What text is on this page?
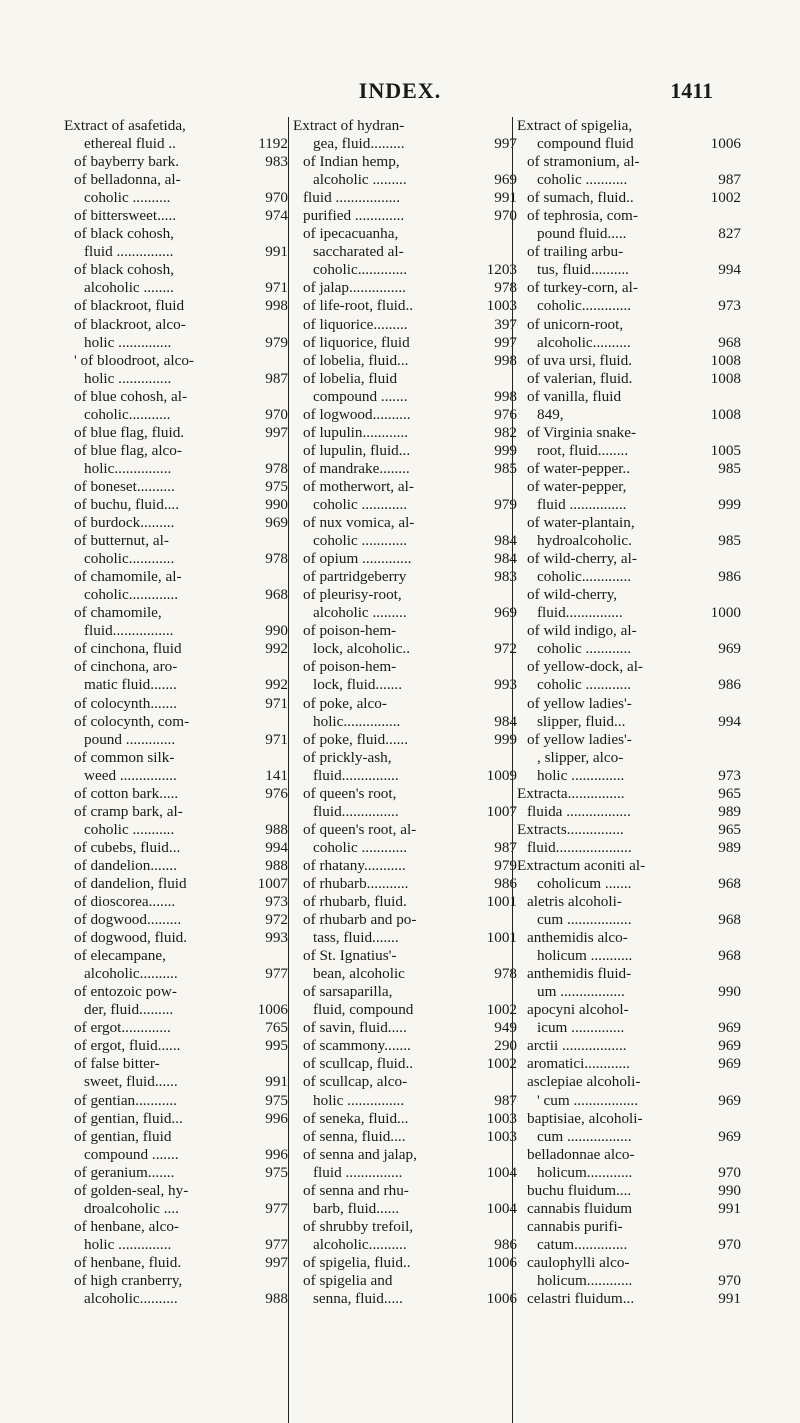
INDEX.	1411
Extract of asafetida,
ethereal fluid ..	1192
of bayberry bark.	983
of belladonna, al-
coholic ..........	970
of bittersweet.....	974
of black cohosh,
fluid ...............	991
of black cohosh,
alcoholic ........	971
of blackroot, fluid	998
of blackroot, alco-
holic ..............	979
' of bloodroot, alco-
holic ..............	987
of blue cohosh, al-
coholic...........	970
of blue flag, fluid.	997
of blue flag, alco-
holic...............	978
of boneset..........	975
of buchu, fluid....	990
of burdock.........	969
of butternut, al-
coholic............	978
of chamomile, al-
coholic.............	968
of chamomile,
fluid................	990
of cinchona, fluid	992
of cinchona, aro-
matic fluid.......	992
of colocynth.......	971
of colocynth, com-
pound .............	971
of common silk-
weed ...............	141
of cotton bark.....	976
of cramp bark, al-
coholic ...........	988
of cubebs, fluid...	994
of dandelion.......	988
of dandelion, fluid	1007
of dioscorea.......	973
of dogwood.........	972
of dogwood, fluid.	993
of elecampane,
alcoholic..........	977
of entozoic pow-
der, fluid.........	1006
of ergot.............	765
of ergot, fluid......	995
of false bitter-
sweet, fluid......	991
of gentian...........	975
of gentian, fluid...	996
of gentian, fluid
compound .......	996
of geranium.......	975
of golden-seal, hy-
droalcoholic ....	977
of henbane, alco-
holic ..............	977
of henbane, fluid.	997
of high cranberry,
alcoholic..........	988
Extract of hydran-
gea, fluid.........	997
of Indian hemp,
alcoholic .........	969
fluid .................	991
purified .............	970
of ipecacuanha,
saccharated al-
coholic.............	1203
of jalap...............	978
of life-root, fluid..	1003
of liquorice.........	397
of liquorice, fluid	997
of lobelia, fluid...	998
of lobelia, fluid
compound .......	998
of logwood..........	976
of lupulin............	982
of lupulin, fluid...	999
of mandrake........	985
of motherwort, al-
coholic ............	979
of nux vomica, al-
coholic ............	984
of opium .............	984
of partridgeberry	983
of pleurisy-root,
alcoholic .........	969
of poison-hem-
lock, alcoholic..	972
of poison-hem-
lock, fluid.......	993
of poke, alco-
holic...............	984
of poke, fluid......	999
of prickly-ash,
fluid...............	1009
of queen's root,
fluid...............	1007
of queen's root, al-
coholic ............	987
of rhatany...........	979
of rhubarb...........	986
of rhubarb, fluid.	1001
of rhubarb and po-
tass, fluid.......	1001
of St. Ignatius'-
bean, alcoholic	978
of sarsaparilla,
fluid, compound	1002
of savin, fluid.....	949
of scammony.......	290
of scullcap, fluid..	1002
of scullcap, alco-
holic ...............	987
of seneka, fluid...	1003
of senna, fluid....	1003
of senna and jalap,
fluid ...............	1004
of senna and rhu-
barb, fluid......	1004
of shrubby trefoil,
alcoholic..........	986
of spigelia, fluid..	1006
of spigelia and
senna, fluid.....	1006
Extract of spigelia,
compound fluid	1006
of stramonium, al-
coholic ...........	987
of sumach, fluid..	1002
of tephrosia, com-
pound fluid.....	827
of trailing arbu-
tus, fluid..........	994
of turkey-corn, al-
coholic.............	973
of unicorn-root,
alcoholic..........	968
of uva ursi, fluid.	1008
of valerian, fluid.	1008
of vanilla, fluid
849,	1008
of Virginia snake-
root, fluid........	1005
of water-pepper..	985
of water-pepper,
fluid ...............	999
of water-plantain,
hydroalcoholic.	985
of wild-cherry, al-
coholic.............	986
of wild-cherry,
fluid...............	1000
of wild indigo, al-
coholic ............	969
of yellow-dock, al-
coholic ............	986
of yellow ladies'-
slipper, fluid...	994
of yellow ladies'-
, slipper, alco-
holic ..............	973
Extracta...............	965
fluida .................	989
Extracts...............	965
fluid....................	989
Extractum aconiti al-
coholicum .......	968
aletris alcoholi-
cum .................	968
anthemidis alco-
holicum ...........	968
anthemidis fluid-
um .................	990
apocyni alcohol-
icum ..............	969
arctii .................	969
aromatici............	969
asclepiae alcoholi-
' cum .................	969
baptisiae, alcoholi-
cum .................	969
belladonnae alco-
holicum............	970
buchu fluidum....	990
cannabis fluidum	991
cannabis purifi-
catum..............	970
caulophylli alco-
holicum............	970
celastri fluidum...	991
